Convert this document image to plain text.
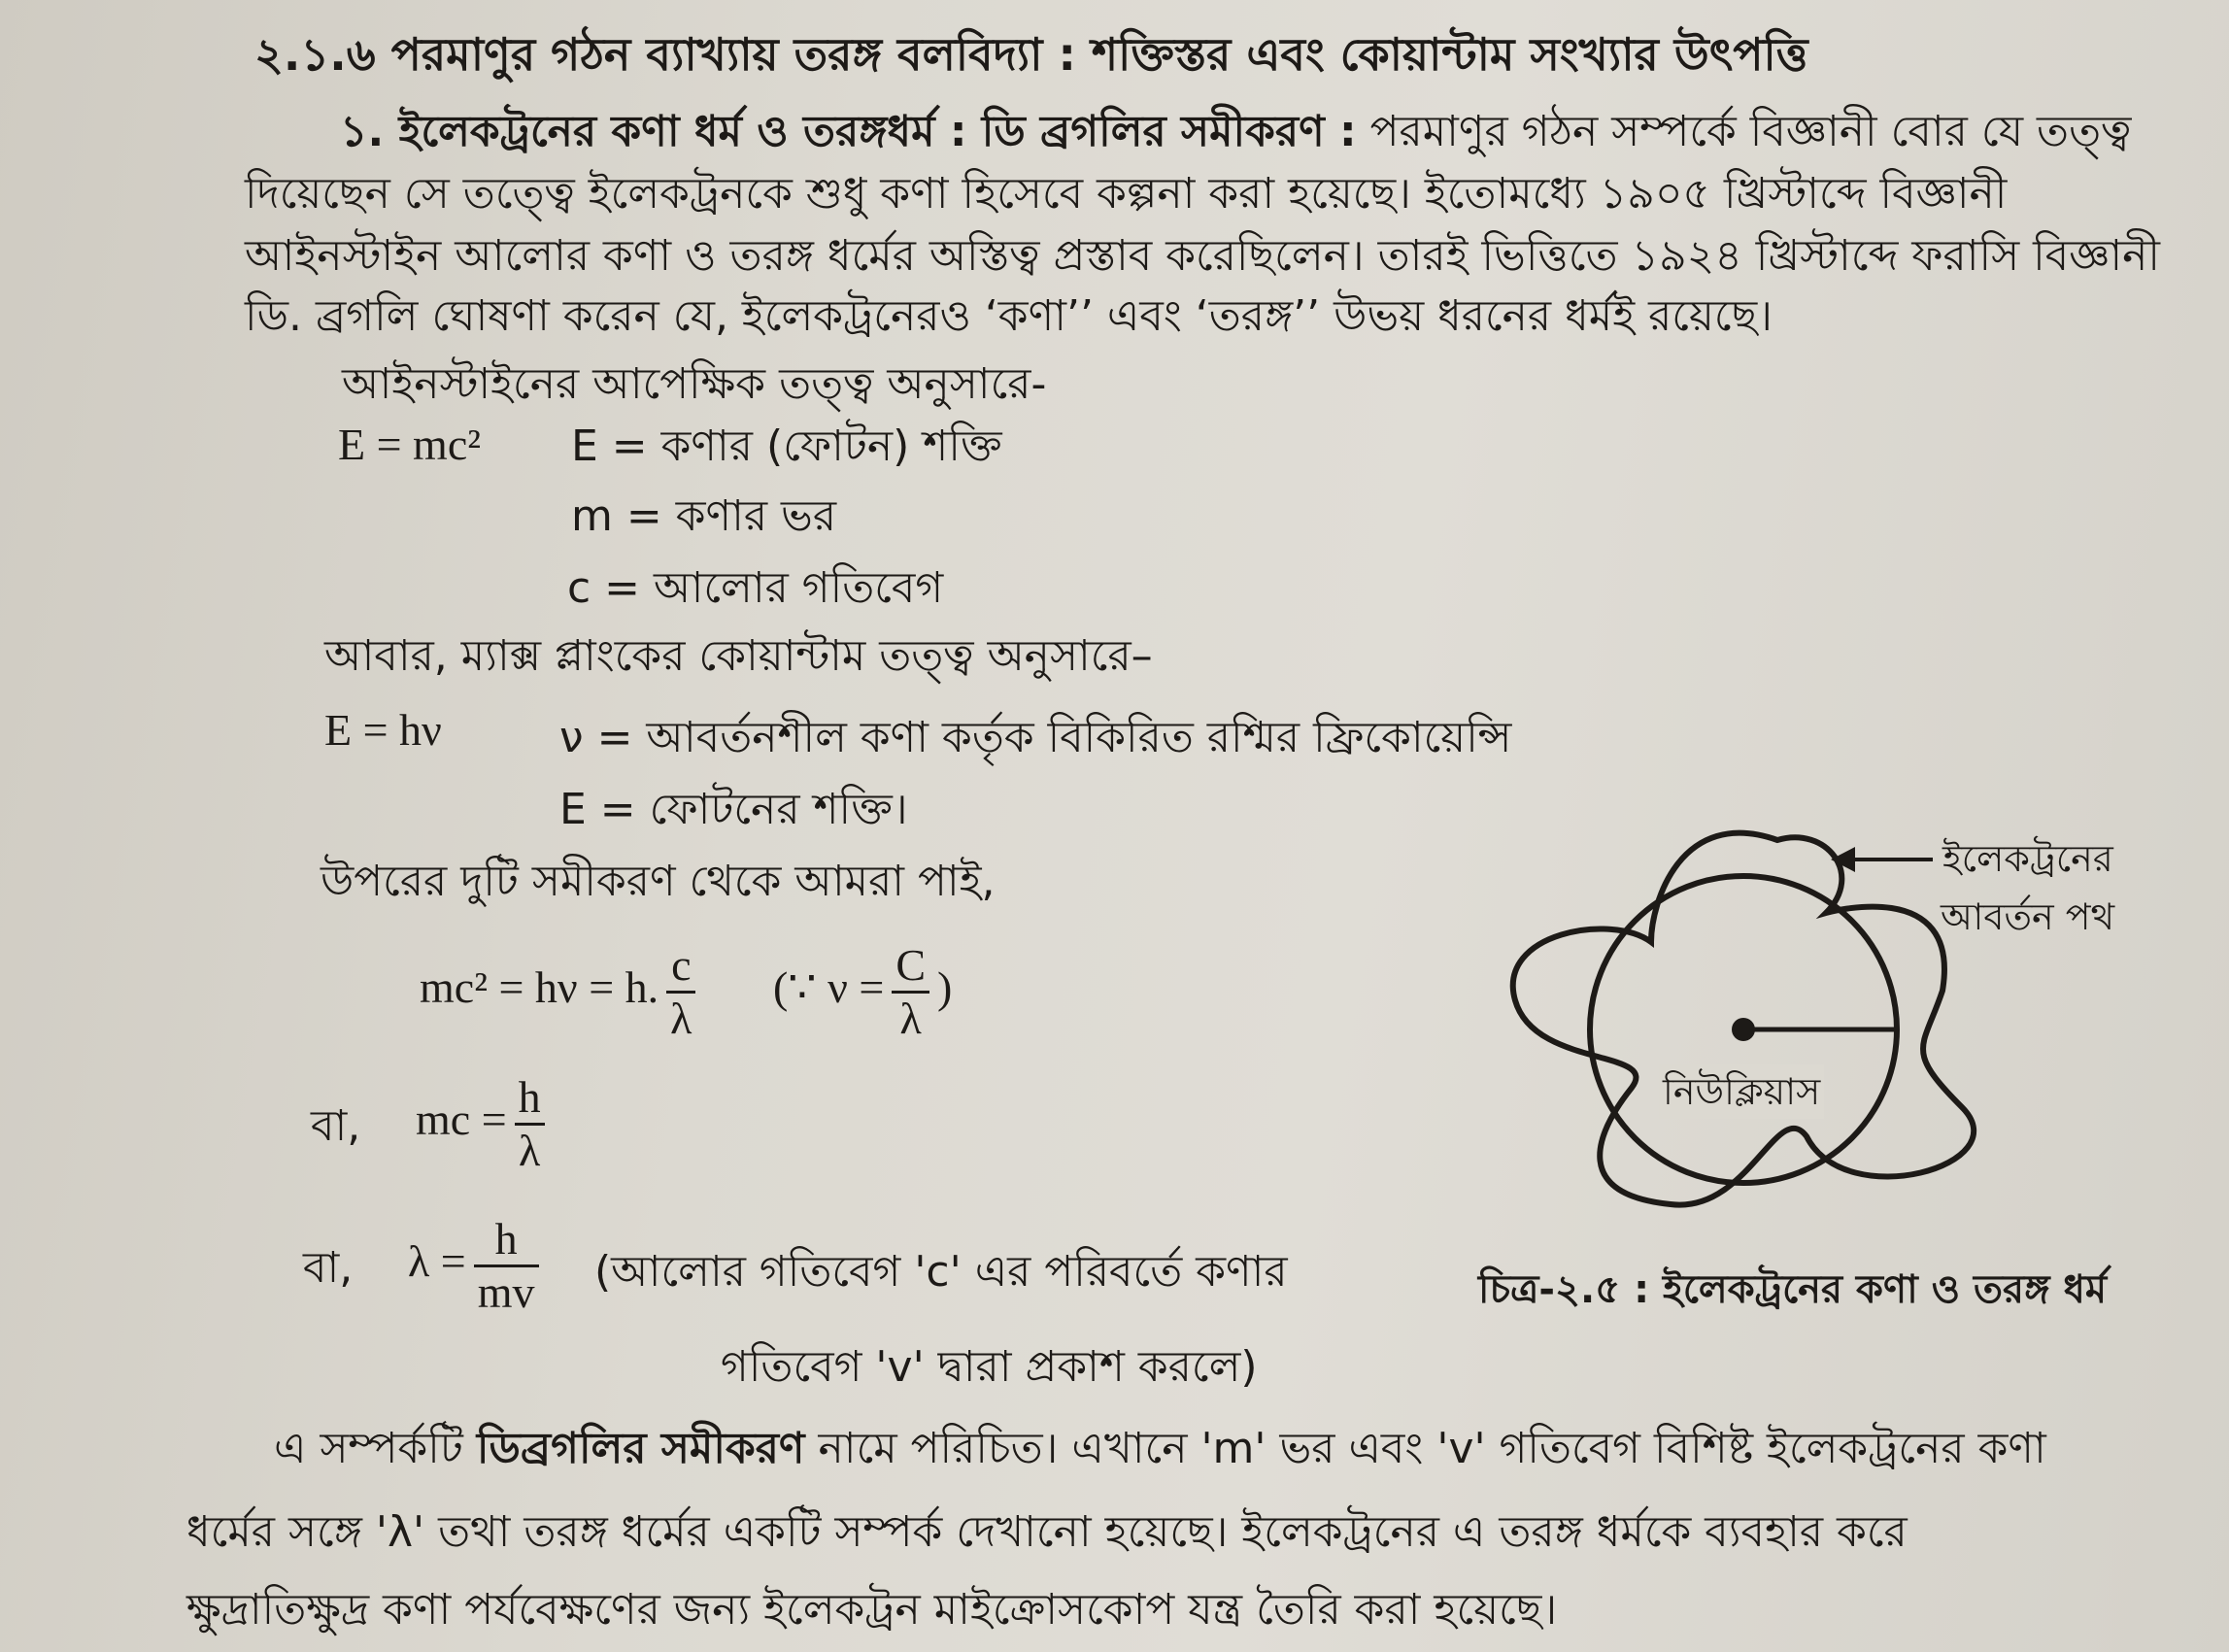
২.১.৬ পরমাণুর গঠন ব্যাখ্যায় তরঙ্গ বলবিদ্যা : শক্তিস্তর এবং কোয়ান্টাম সংখ্যার উৎপত্তি
১. ইলেকট্রনের কণা ধর্ম ও তরঙ্গধর্ম : ডি ব্রগলির সমীকরণ : পরমাণুর গঠন সম্পর্কে বিজ্ঞানী বোর যে তত্ত্ব
দিয়েছেন সে তত্ত্বে ইলেকট্রনকে শুধু কণা হিসেবে কল্পনা করা হয়েছে। ইতোমধ্যে ১৯০৫ খ্রিস্টাব্দে বিজ্ঞানী
আইনস্টাইন আলোর কণা ও তরঙ্গ ধর্মের অস্তিত্ব প্রস্তাব করেছিলেন। তারই ভিত্তিতে ১৯২৪ খ্রিস্টাব্দে ফরাসি বিজ্ঞানী
ডি. ব্রগলি ঘোষণা করেন যে, ইলেকট্রনেরও ‘কণা’’ এবং ‘তরঙ্গ’’ উভয় ধরনের ধর্মই রয়েছে।
আইনস্টাইনের আপেক্ষিক তত্ত্ব অনুসারে-
E = mc² E = কণার (ফোটন) শক্তি
m = কণার ভর
c = আলোর গতিবেগ
আবার, ম্যাক্স প্লাংকের কোয়ান্টাম তত্ত্ব অনুসারে–
E = hν	ν = আবর্তনশীল কণা কর্তৃক বিকিরিত রশ্মির ফ্রিকোয়েন্সি
E = ফোটনের শক্তি।
উপরের দুটি সমীকরণ থেকে আমরা পাই,
mc² = hν = h. $\frac{c}{\lambda}$ (∵ $\nu = \frac{C}{\lambda}$ )
বা, mc = $\frac{h}{\lambda}$
বা, $\lambda = \frac{h}{mv}$ (আলোর গতিবেগ 'c' এর পরিবর্তে কণার
গতিবেগ 'v' দ্বারা প্রকাশ করলে)
ইলেকট্রনের
আবর্তন পথ
নিউক্লিয়াস
চিত্র-২.৫ : ইলেকট্রনের কণা ও তরঙ্গ ধর্ম
এ সম্পর্কটি ডিব্রগলির সমীকরণ নামে পরিচিত। এখানে 'm' ভর এবং 'v' গতিবেগ বিশিষ্ট ইলেকট্রনের কণা
ধর্মের সঙ্গে 'λ' তথা তরঙ্গ ধর্মের একটি সম্পর্ক দেখানো হয়েছে। ইলেকট্রনের এ তরঙ্গ ধর্মকে ব্যবহার করে
ক্ষুদ্রাতিক্ষুদ্র কণা পর্যবেক্ষণের জন্য ইলেকট্রন মাইক্রোসকোপ যন্ত্র তৈরি করা হয়েছে।
